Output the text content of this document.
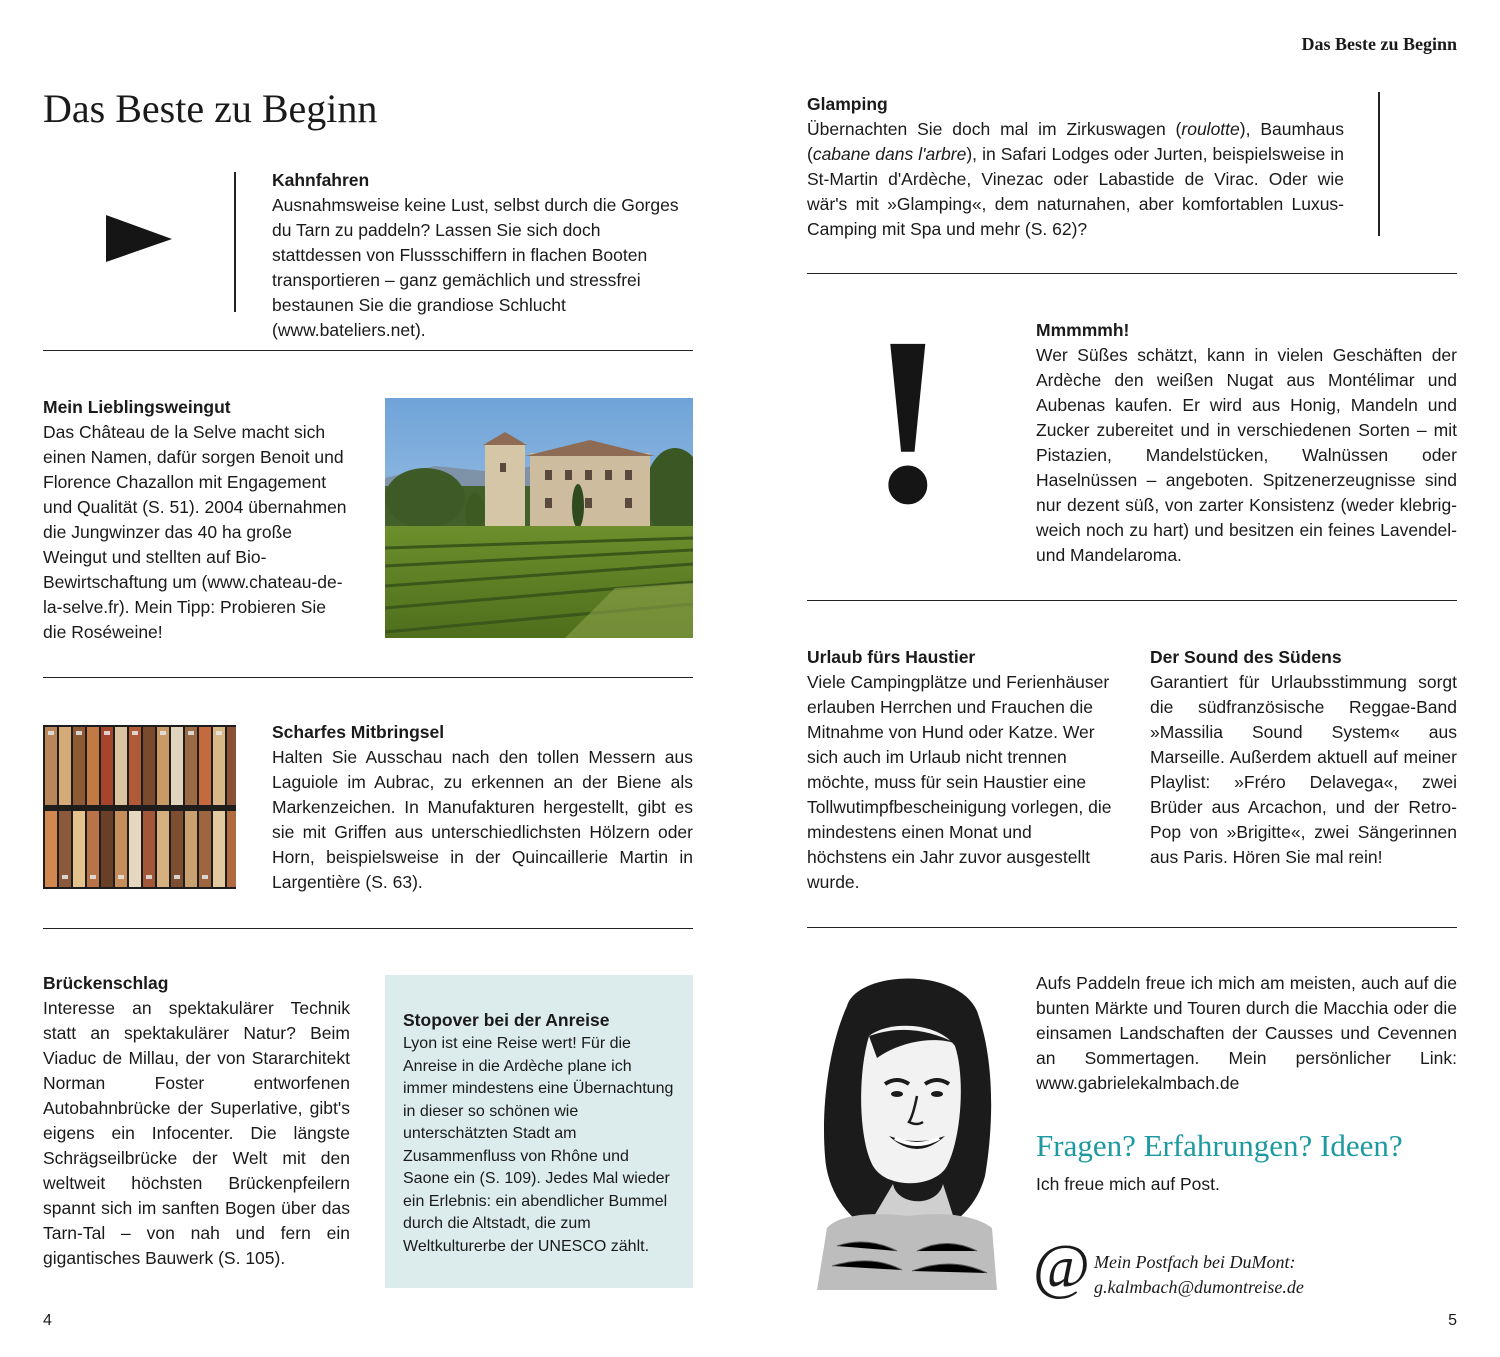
Das Beste zu Beginn
Das Beste zu Beginn
Kahnfahren
Ausnahmsweise keine Lust, selbst durch die Gorges du Tarn zu paddeln? Lassen Sie sich doch stattdessen von Flussschiffern in flachen Booten transportieren – ganz gemächlich und stressfrei bestaunen Sie die grandiose Schlucht (www.bateliers.net).
Mein Lieblingsweingut
Das Château de la Selve macht sich einen Namen, dafür sorgen Benoit und Florence Chazallon mit Engagement und Qualität (S. 51). 2004 übernahmen die Jungwinzer das 40 ha große Weingut und stellten auf Bio-Bewirtschaftung um (www.chateau-de-la-selve.fr). Mein Tipp: Probieren Sie die Roséweine!
Scharfes Mitbringsel
Halten Sie Ausschau nach den tollen Messern aus Laguiole im Aubrac, zu erkennen an der Biene als Markenzeichen. In Manufakturen hergestellt, gibt es sie mit Griffen aus unterschiedlichsten Hölzern oder Horn, beispielsweise in der Quincaillerie Martin in Largentière (S. 63).
Brückenschlag
Interesse an spektakulärer Technik statt an spektakulärer Natur? Beim Viaduc de Millau, der von Stararchitekt Norman Foster entworfenen Autobahnbrücke der Superlative, gibt's eigens ein Infocenter. Die längste Schrägseilbrücke der Welt mit den weltweit höchsten Brückenpfeilern spannt sich im sanften Bogen über das Tarn-Tal – von nah und fern ein gigantisches Bauwerk (S. 105).
Stopover bei der Anreise
Lyon ist eine Reise wert! Für die Anreise in die Ardèche plane ich immer mindestens eine Übernachtung in dieser so schönen wie unterschätzten Stadt am Zusammenfluss von Rhône und Saone ein (S. 109). Jedes Mal wieder ein Erlebnis: ein abendlicher Bummel durch die Altstadt, die zum Weltkulturerbe der UNESCO zählt.
4
Glamping
Übernachten Sie doch mal im Zirkuswagen (roulotte), Baumhaus (cabane dans l'arbre), in Safari Lodges oder Jurten, beispielsweise in St-Martin d'Ardèche, Vinezac oder Labastide de Virac. Oder wie wär's mit »Glamping«, dem naturnahen, aber komfortablen Luxus-Camping mit Spa und mehr (S. 62)?
!	Mmmmmh!
Wer Süßes schätzt, kann in vielen Geschäften der Ardèche den weißen Nugat aus Montélimar und Aubenas kaufen. Er wird aus Honig, Mandeln und Zucker zubereitet und in verschiedenen Sorten – mit Pistazien, Mandelstücken, Walnüssen oder Haselnüssen – angeboten. Spitzenerzeugnisse sind nur dezent süß, von zarter Konsistenz (weder klebrig-weich noch zu hart) und besitzen ein feines Lavendel- und Mandelaroma.
Urlaub fürs Haustier
Viele Campingplätze und Ferienhäuser erlauben Herrchen und Frauchen die Mitnahme von Hund oder Katze. Wer sich auch im Urlaub nicht trennen möchte, muss für sein Haustier eine Tollwutimpfbescheinigung vorlegen, die mindestens einen Monat und höchstens ein Jahr zuvor ausgestellt wurde.
Der Sound des Südens
Garantiert für Urlaubsstimmung sorgt die südfranzösische Reggae-Band »Massilia Sound System« aus Marseille. Außerdem aktuell auf meiner Playlist: »Fréro Delavega«, zwei Brüder aus Arcachon, und der Retro-Pop von »Brigitte«, zwei Sängerinnen aus Paris. Hören Sie mal rein!
Aufs Paddeln freue ich mich am meisten, auch auf die bunten Märkte und Touren durch die Macchia oder die einsamen Landschaften der Causses und Cevennen an Sommertagen. Mein persönlicher Link: www.gabrielekalmbach.de
Fragen? Erfahrungen? Ideen?
Ich freue mich auf Post.
@ Mein Postfach bei DuMont:
g.kalmbach@dumontreise.de
5
